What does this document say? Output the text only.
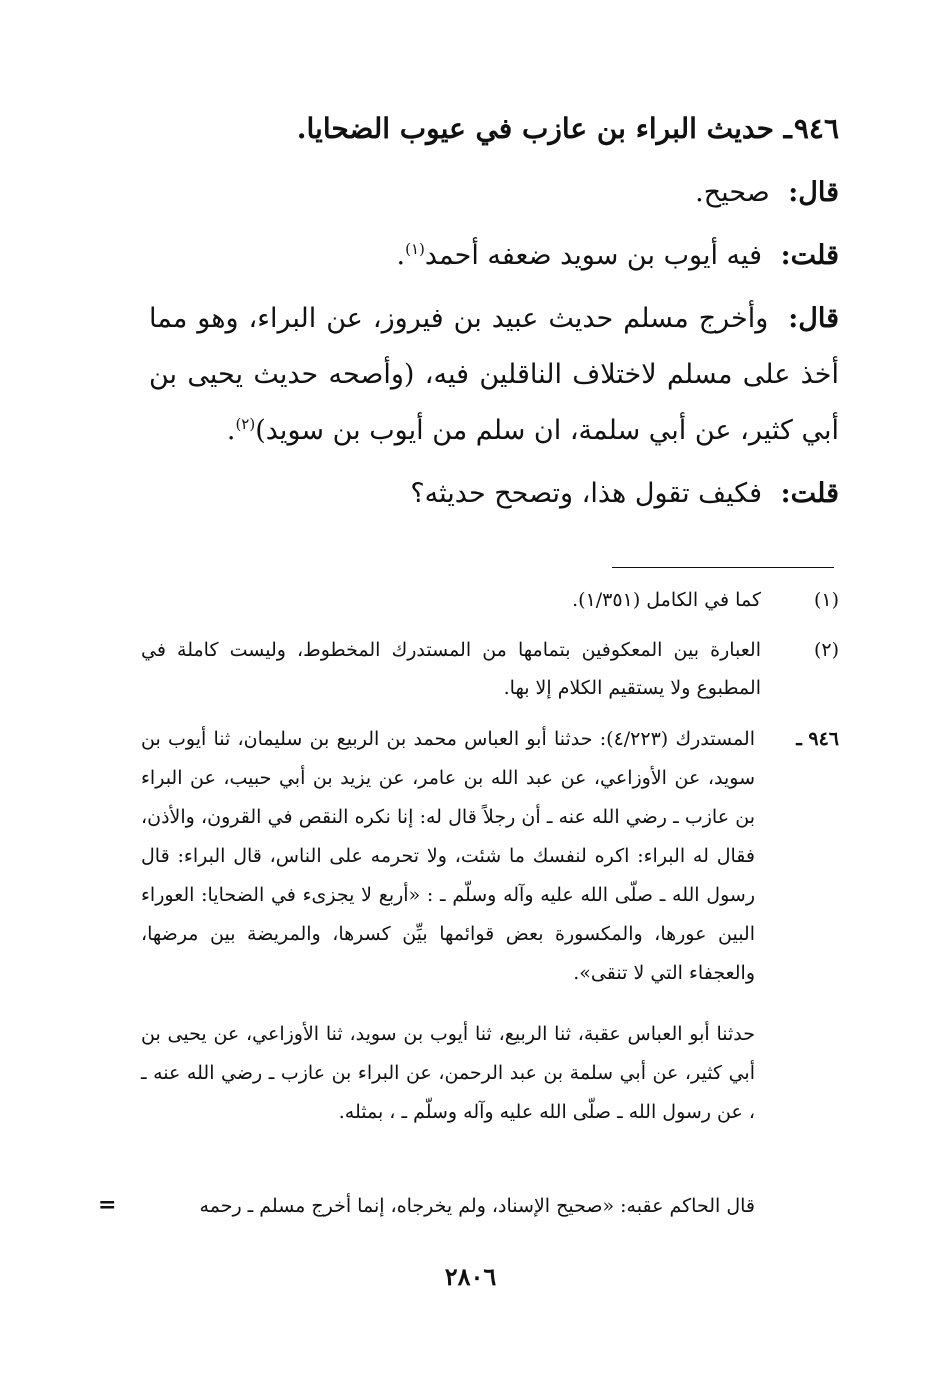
٩٤٦ـ حديث البراء بن عازب في عيوب الضحايا.

قال: صحيح.

قلت: فيه أيوب بن سويد ضعفه أحمد$^{(١)}$.

قال: وأخرج مسلم حديث عبيد بن فيروز، عن البراء، وهو مما أخذ على مسلم لاختلاف الناقلين فيه، (وأصحه حديث يحيى بن أبي كثير، عن أبي سلمة، ان سلم من أيوب بن سويد)$^{(٢)}$.

قلت: فكيف تقول هذا، وتصحح حديثه؟

(١)
كما في الكامل (١/٣٥١).
(٢)
العبارة بين المعكوفين بتمامها من المستدرك المخطوط، وليست كاملة في المطبوع ولا يستقيم الكلام إلا بها.
٩٤٦ ـ

المستدرك (٤/٢٢٣): حدثنا أبو العباس محمد بن الربيع بن سليمان، ثنا أيوب بن سويد، عن الأوزاعي، عن عبد الله بن عامر، عن يزيد بن أبي حبيب، عن البراء بن عازب ـ رضي الله عنه ـ أن رجلاً قال له: إنا نكره النقص في القرون، والأذن، فقال له البراء: اكره لنفسك ما شئت، ولا تحرمه على الناس، قال البراء: قال رسول الله ـ صلّى الله عليه وآله وسلّم ـ : «أربع لا يجزىء في الضحايا: العوراء البين عورها، والمكسورة بعض قوائمها بيِّن كسرها، والمريضة بين مرضها، والعجفاء التي لا تنقى».

حدثنا أبو العباس عقبة، ثنا الربيع، ثنا أيوب بن سويد، ثنا الأوزاعي، عن يحيى بن أبي كثير، عن أبي سلمة بن عبد الرحمن، عن البراء بن عازب ـ رضي الله عنه ـ ، عن رسول الله ـ صلّى الله عليه وآله وسلّم ـ ، بمثله.

قال الحاكم عقبه: «صحيح الإسناد، ولم يخرجاه، إنما أخرج مسلم ـ رحمه

=
٢٨٠٦
